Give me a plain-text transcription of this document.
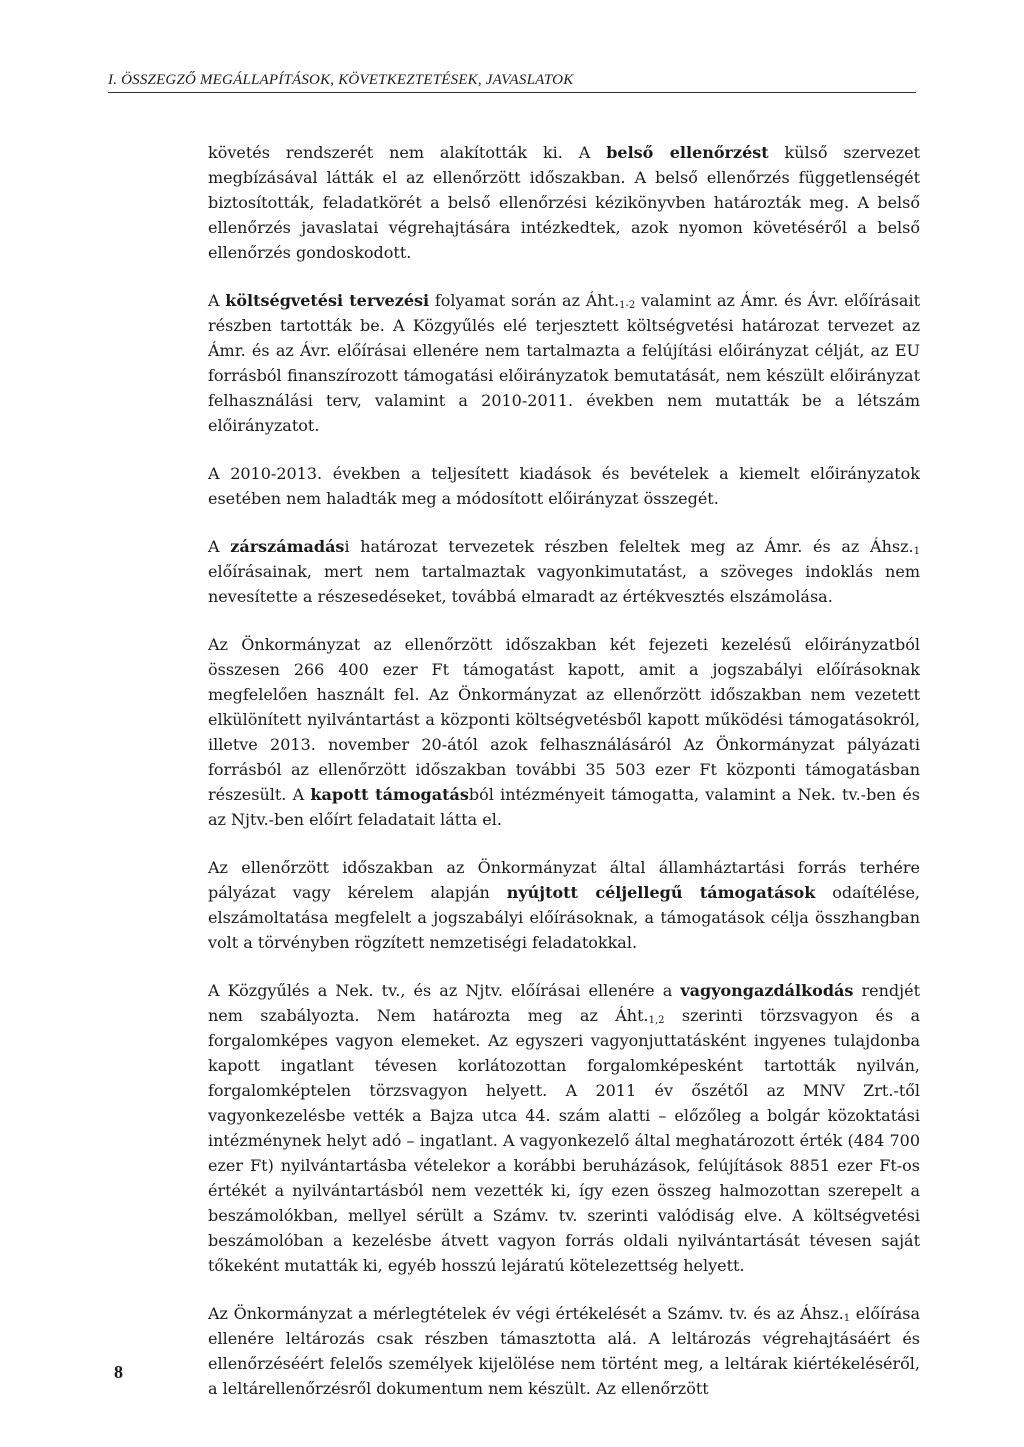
I. ÖSSZEGZŐ MEGÁLLAPÍTÁSOK, KÖVETKEZTETÉSEK, JAVASLATOK

követés rendszerét nem alakították ki. A belső ellenőrzést külső szervezet megbízásával látták el az ellenőrzött időszakban. A belső ellenőrzés függetlenségét biztosították, feladatkörét a belső ellenőrzési kézikönyvben határozták meg. A belső ellenőrzés javaslatai végrehajtására intézkedtek, azok nyomon követéséről a belső ellenőrzés gondoskodott.

A költségvetési tervezési folyamat során az $Áht._{1-2}$ valamint az Ámr. és Ávr. előírásait részben tartották be. A Közgyűlés elé terjesztett költségvetési határozat tervezet az Ámr. és az Ávr. előírásai ellenére nem tartalmazta a felújítási előirányzat célját, az EU forrásból finanszírozott támogatási előirányzatok bemutatását, nem készült előirányzat felhasználási terv, valamint a 2010-2011. években nem mutatták be a létszám előirányzatot.

A 2010-2013. években a teljesített kiadások és bevételek a kiemelt előirányzatok esetében nem haladták meg a módosított előirányzat összegét.

A zárszámadási határozat tervezetek részben feleltek meg az Ámr. és az $Áhsz._1$ előírásainak, mert nem tartalmaztak vagyonkimutatást, a szöveges indoklás nem nevesítette a részesedéseket, továbbá elmaradt az értékvesztés elszámolása.

Az Önkormányzat az ellenőrzött időszakban két fejezeti kezelésű előirányzatból összesen 266 400 ezer Ft támogatást kapott, amit a jogszabályi előírásoknak megfelelően használt fel. Az Önkormányzat az ellenőrzött időszakban nem vezetett elkülönített nyilvántartást a központi költségvetésből kapott működési támogatásokról, illetve 2013. november 20-ától azok felhasználásáról Az Önkormányzat pályázati forrásból az ellenőrzött időszakban további 35 503 ezer Ft központi támogatásban részesült. A kapott támogatásból intézményeit támogatta, valamint a Nek. tv.-ben és az Njtv.-ben előírt feladatait látta el.

Az ellenőrzött időszakban az Önkormányzat által államháztartási forrás terhére pályázat vagy kérelem alapján nyújtott céljellegű támogatások odaítélése, elszámoltatása megfelelt a jogszabályi előírásoknak, a támogatások célja összhangban volt a törvényben rögzített nemzetiségi feladatokkal.

A Közgyűlés a Nek. tv., és az Njtv. előírásai ellenére a vagyongazdálkodás rendjét nem szabályozta. Nem határozta meg az $Áht._{1,2}$ szerinti törzsvagyon és a forgalomképes vagyon elemeket. Az egyszeri vagyonjuttatásként ingyenes tulajdonba kapott ingatlant tévesen korlátozottan forgalomképesként tartották nyilván, forgalomképtelen törzsvagyon helyett. A 2011 év őszétől az MNV Zrt.-től vagyonkezelésbe vették a Bajza utca 44. szám alatti – előzőleg a bolgár közoktatási intézménynek helyt adó – ingatlant. A vagyonkezelő által meghatározott érték (484 700 ezer Ft) nyilvántartásba vételekor a korábbi beruházások, felújítások 8851 ezer Ft-os értékét a nyilvántartásból nem vezették ki, így ezen összeg halmozottan szerepelt a beszámolókban, mellyel sérült a Számv. tv. szerinti valódiság elve. A költségvetési beszámolóban a kezelésbe átvett vagyon forrás oldali nyilvántartását tévesen saját tőkeként mutatták ki, egyéb hosszú lejáratú kötelezettség helyett.

Az Önkormányzat a mérlegtételek év végi értékelését a Számv. tv. és az $Áhsz._1$ előírása ellenére leltározás csak részben támasztotta alá. A leltározás végrehajtásáért és ellenőrzéséért felelős személyek kijelölése nem történt meg, a leltárak kiértékeléséről, a leltárellenőrzésről dokumentum nem készült. Az ellenőrzött

8
